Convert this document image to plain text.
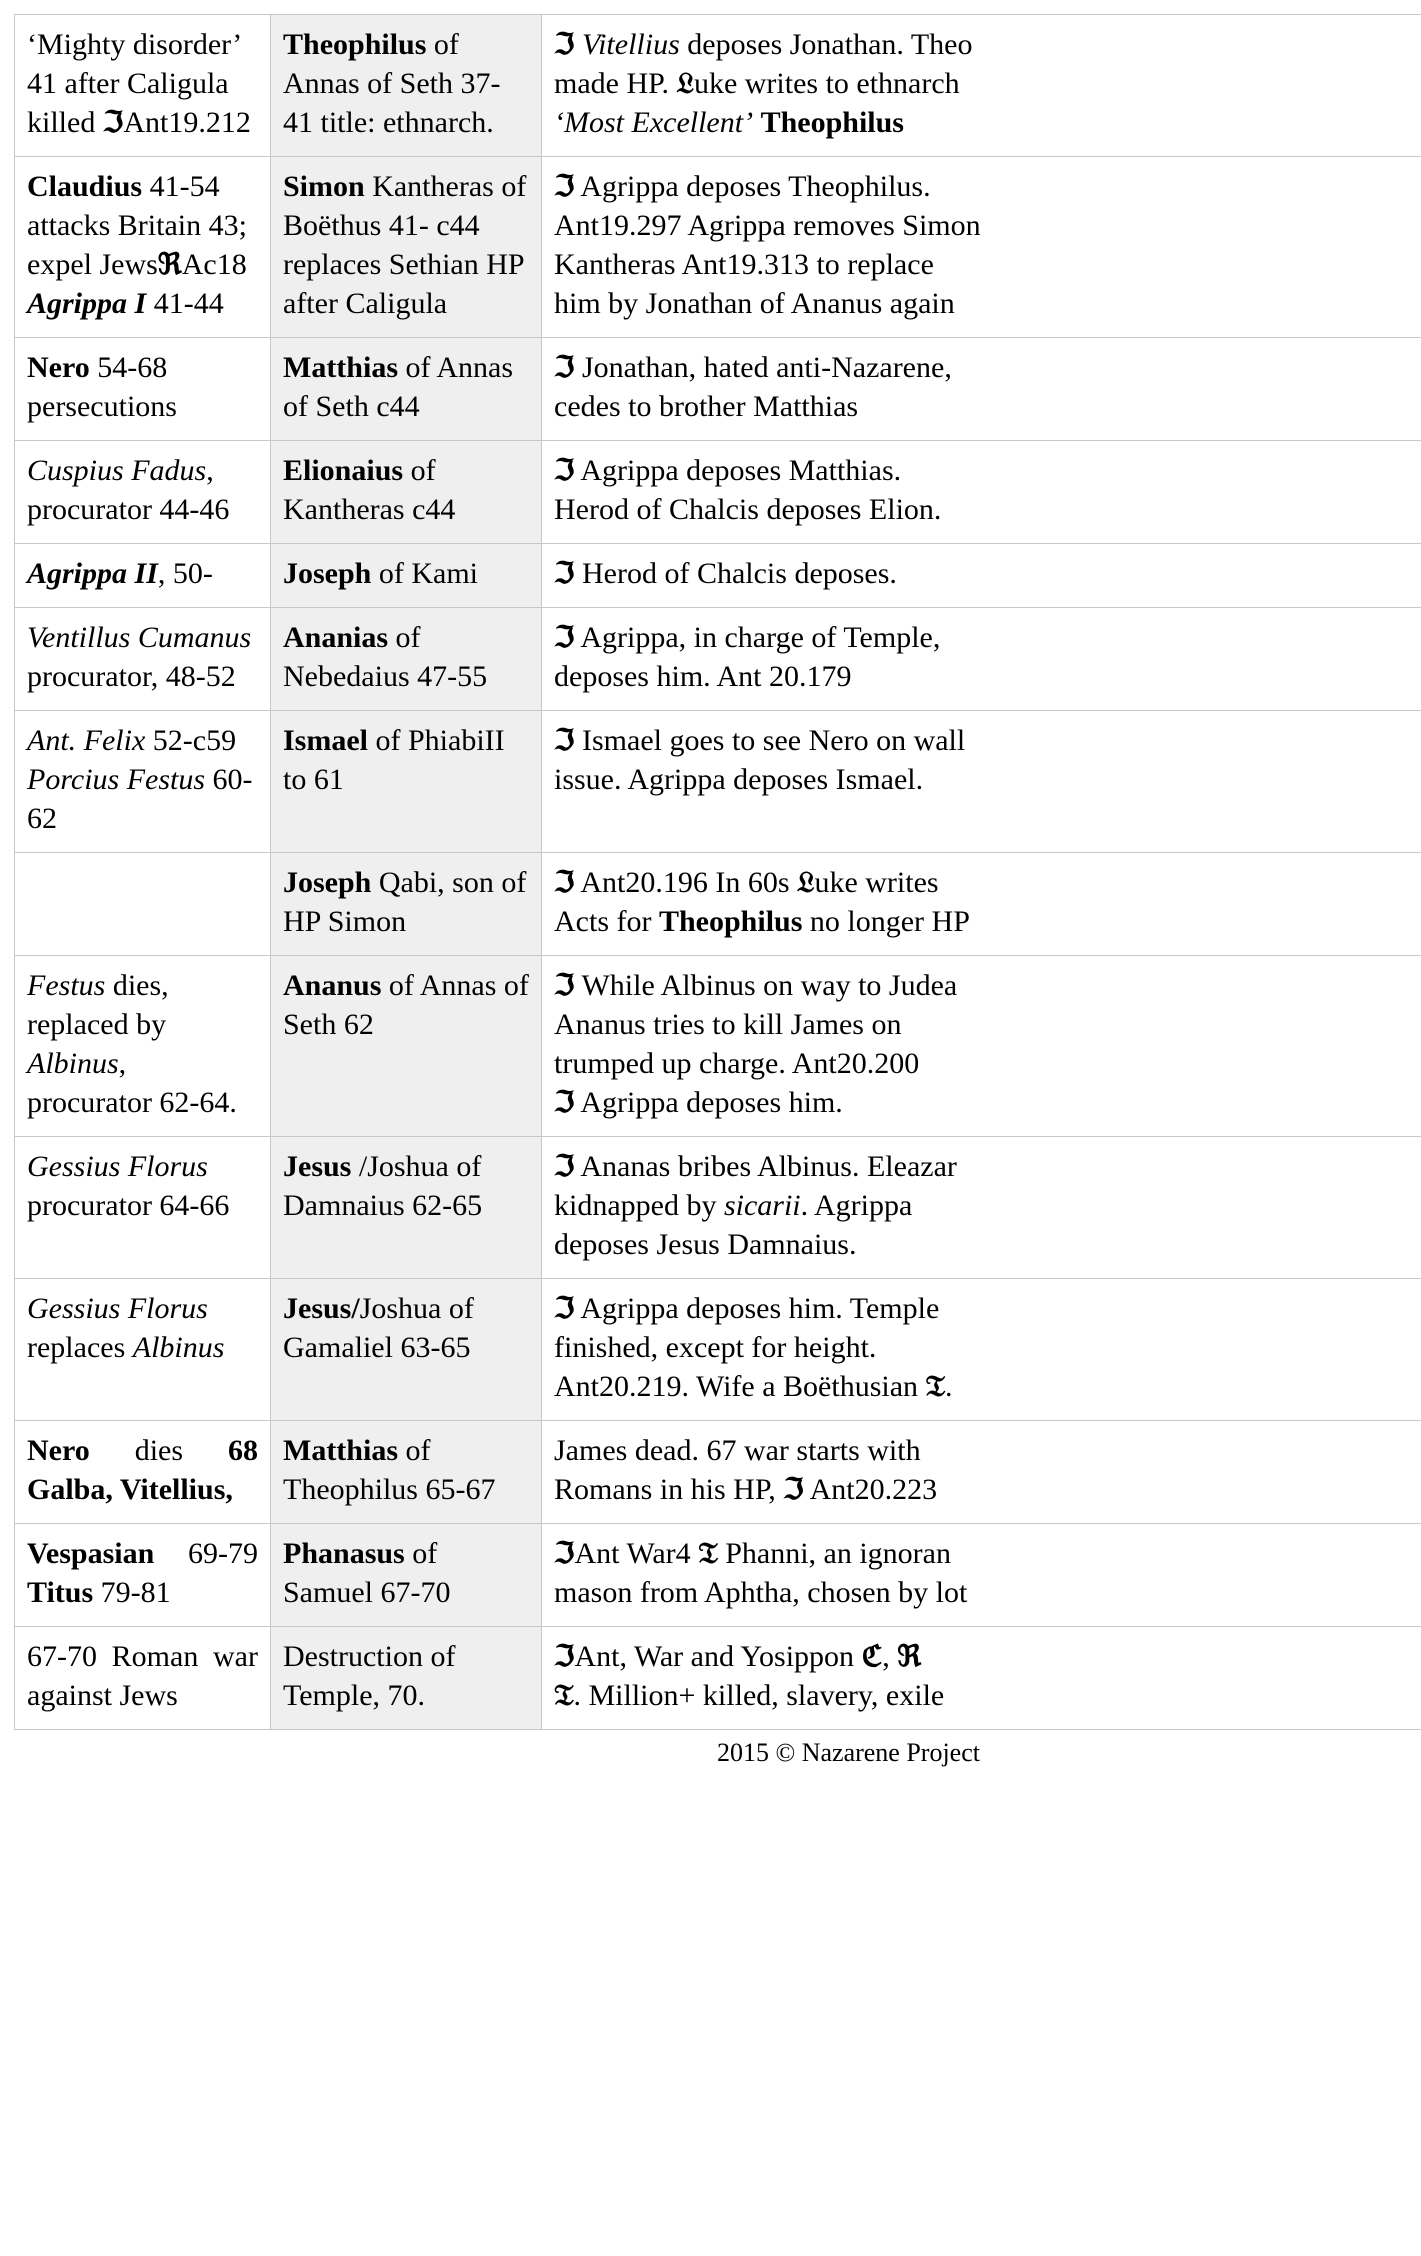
‘Mighty disorder’ 41 after Caligula killed ℑAnt19.212	Theophilus of Annas of Seth 37-41 title: ethnarch.	ℑ Vitellius deposes Jonathan. Theo
made HP. 𝔏uke writes to ethnarch
‘Most Excellent’ Theophilus

Claudius 41-54 attacks Britain 43; expel JewsℜAc18 Agrippa I 41-44	Simon Kantheras of Boëthus 41- c44 replaces Sethian HP after Caligula	ℑ Agrippa deposes Theophilus.
Ant19.297 Agrippa removes Simon
Kantheras Ant19.313 to replace
him by Jonathan of Ananus again

Nero 54-68 persecutions	Matthias of Annas of Seth c44	ℑ Jonathan, hated anti-Nazarene,
cedes to brother Matthias

Cuspius Fadus, procurator 44-46	Elionaius of Kantheras c44	ℑ Agrippa deposes Matthias.
Herod of Chalcis deposes Elion.

Agrippa II, 50-	Joseph of Kami	ℑ Herod of Chalcis deposes.

Ventillus Cumanus procurator, 48-52	Ananias of Nebedaius 47-55	ℑ Agrippa, in charge of Temple,
deposes him. Ant 20.179

Ant. Felix 52-c59 Porcius Festus 60-62	Ismael of PhiabiII to 61	ℑ Ismael goes to see Nero on wall
issue. Agrippa deposes Ismael.

	Joseph Qabi, son of HP Simon	ℑ Ant20.196 In 60s 𝔏uke writes
Acts for Theophilus no longer HP

Festus dies, replaced by Albinus, procurator 62-64.	Ananus of Annas of Seth 62	ℑ While Albinus on way to Judea
Ananus tries to kill James on
trumped up charge. Ant20.200
ℑ Agrippa deposes him.

Gessius Florus procurator 64-66	Jesus /Joshua of Damnaius 62-65	ℑ Ananas bribes Albinus. Eleazar
kidnapped by sicarii. Agrippa
deposes Jesus Damnaius.

Gessius Florus replaces Albinus	Jesus/Joshua of Gamaliel 63-65	ℑ Agrippa deposes him. Temple
finished, except for height.
Ant20.219. Wife a Boëthusian 𝔗.

Nero dies 68
Galba, Vitellius,	Matthias of Theophilus 65-67	James dead. 67 war starts with
Romans in his HP, ℑ Ant20.223

Vespasian 69-79
Titus 79-81	Phanasus of Samuel 67-70	ℑAnt War4 𝔗 Phanni, an ignoran
mason from Aphtha, chosen by lot

67-70 Roman war
against Jews	Destruction of Temple, 70.	ℑAnt, War and Yosippon ℭ, ℜ
𝔗. Million+ killed, slavery, exile
2015 © Nazarene Project
